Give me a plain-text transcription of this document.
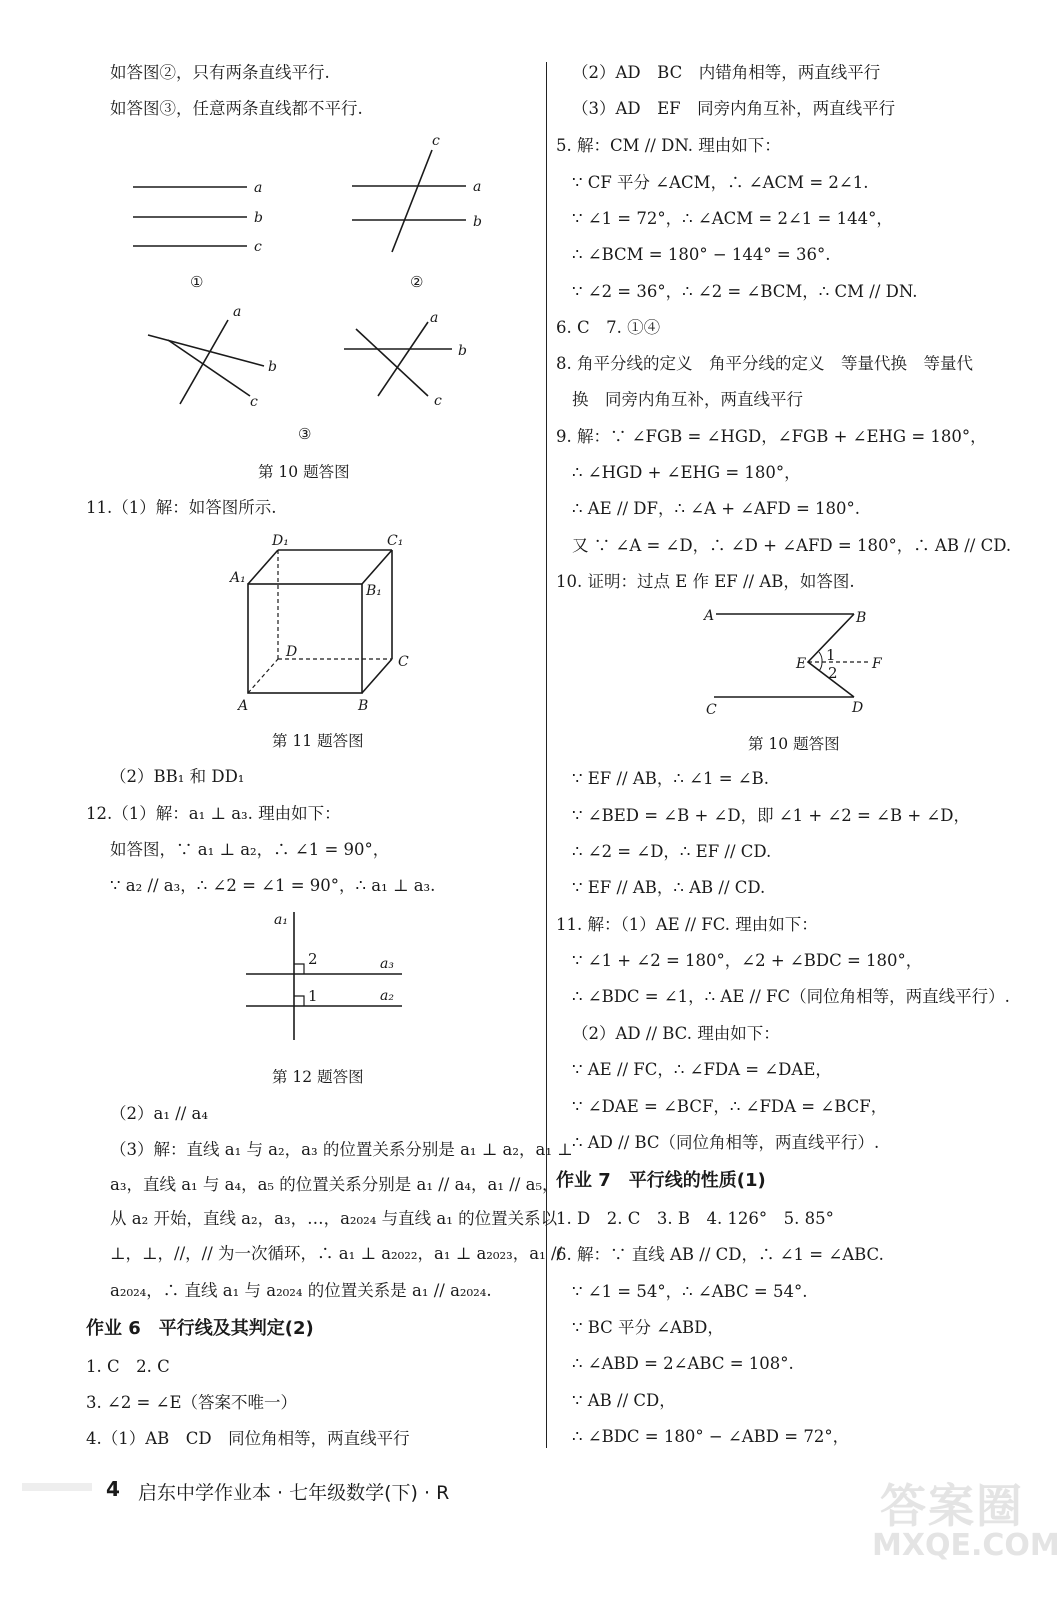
如答图②，只有两条直线平行.
如答图③，任意两条直线都不平行.
a
b
c
①
c
a
b
②
a
b
c
a
b
c
③
第 10 题答图
11.（1）解：如答图所示.
D₁	C₁
A₁
B₁
D
C
A	B
第 11 题答图
（2）BB₁ 和 DD₁
12.（1）解：a₁ ⊥ a₃. 理由如下：
如答图，∵ a₁ ⊥ a₂，∴ ∠1 = 90°，
∵ a₂ // a₃，∴ ∠2 = ∠1 = 90°，∴ a₁ ⊥ a₃.
a₁
2
1
a₃
a₂
第 12 题答图
（2）a₁ // a₄
（3）解：直线 a₁ 与 a₂，a₃ 的位置关系分别是 a₁ ⊥ a₂，a₁ ⊥
a₃，直线 a₁ 与 a₄，a₅ 的位置关系分别是 a₁ // a₄，a₁ // a₅，
从 a₂ 开始，直线 a₂，a₃，…，a₂₀₂₄ 与直线 a₁ 的位置关系以
⊥，⊥，//，// 为一次循环，∴ a₁ ⊥ a₂₀₂₂，a₁ ⊥ a₂₀₂₃，a₁ //
a₂₀₂₄，∴ 直线 a₁ 与 a₂₀₂₄ 的位置关系是 a₁ // a₂₀₂₄.
作业 6　平行线及其判定(2)
1. C　2. C
3. ∠2 = ∠E（答案不唯一）
4.（1）AB　CD　同位角相等，两直线平行
（2）AD　BC　内错角相等，两直线平行
（3）AD　EF　同旁内角互补，两直线平行
5. 解：CM // DN. 理由如下：
∵ CF 平分 ∠ACM，∴ ∠ACM = 2∠1.
∵ ∠1 = 72°，∴ ∠ACM = 2∠1 = 144°，
∴ ∠BCM = 180° − 144° = 36°.
∵ ∠2 = 36°，∴ ∠2 = ∠BCM，∴ CM // DN.
6. C　7. ①④
8. 角平分线的定义　角平分线的定义　等量代换　等量代
换　同旁内角互补，两直线平行
9. 解：∵ ∠FGB = ∠HGD，∠FGB + ∠EHG = 180°，
∴ ∠HGD + ∠EHG = 180°，
∴ AE // DF，∴ ∠A + ∠AFD = 180°.
又 ∵ ∠A = ∠D，∴ ∠D + ∠AFD = 180°，∴ AB // CD.
10. 证明：过点 E 作 EF // AB，如答图.
A	B
E 1
2 F
C	D
第 10 题答图
∵ EF // AB，∴ ∠1 = ∠B.
∵ ∠BED = ∠B + ∠D，即 ∠1 + ∠2 = ∠B + ∠D，
∴ ∠2 = ∠D，∴ EF // CD.
∵ EF // AB，∴ AB // CD.
11. 解：（1）AE // FC. 理由如下：
∵ ∠1 + ∠2 = 180°，∠2 + ∠BDC = 180°，
∴ ∠BDC = ∠1，∴ AE // FC（同位角相等，两直线平行）.
（2）AD // BC. 理由如下：
∵ AE // FC，∴ ∠FDA = ∠DAE，
∵ ∠DAE = ∠BCF，∴ ∠FDA = ∠BCF，
∴ AD // BC（同位角相等，两直线平行）.
作业 7　平行线的性质(1)
1. D　2. C　3. B　4. 126°　5. 85°
6. 解：∵ 直线 AB // CD，∴ ∠1 = ∠ABC.
∵ ∠1 = 54°，∴ ∠ABC = 54°.
∵ BC 平分 ∠ABD，
∴ ∠ABD = 2∠ABC = 108°.
∵ AB // CD，
∴ ∠BDC = 180° − ∠ABD = 72°，
4 启东中学作业本 · 七年级数学(下) · R	答案圈
MXQE.COM
